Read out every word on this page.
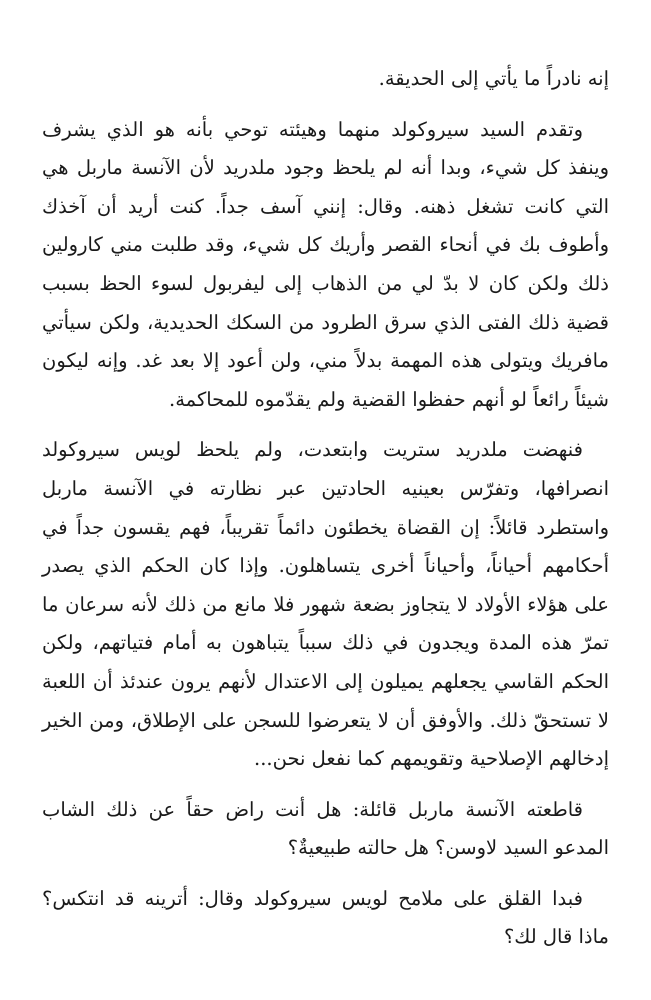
إنه نادراً ما يأتي إلى الحديقة.

وتقدم السيد سيروكولد منهما وهيئته توحي بأنه هو الذي يشرف وينفذ كل شيء، وبدا أنه لم يلحظ وجود ملدريد لأن الآنسة ماربل هي التي كانت تشغل ذهنه. وقال: إنني آسف جداً. كنت أريد أن آخذك وأطوف بك في أنحاء القصر وأريك كل شيء، وقد طلبت مني كارولين ذلك ولكن كان لا بدّ لي من الذهاب إلى ليفربول لسوء الحظ بسبب قضية ذلك الفتى الذي سرق الطرود من السكك الحديدية، ولكن سيأتي مافريك ويتولى هذه المهمة بدلاً مني، ولن أعود إلا بعد غد. وإنه ليكون شيئاً رائعاً لو أنهم حفظوا القضية ولم يقدّموه للمحاكمة.

فنهضت ملدريد ستريت وابتعدت، ولم يلحظ لويس سيروكولد انصرافها، وتفرّس بعينيه الحادتين عبر نظارته في الآنسة ماربل واستطرد قائلاً: إن القضاة يخطئون دائماً تقريباً، فهم يقسون جداً في أحكامهم أحياناً، وأحياناً أخرى يتساهلون. وإذا كان الحكم الذي يصدر على هؤلاء الأولاد لا يتجاوز بضعة شهور فلا مانع من ذلك لأنه سرعان ما تمرّ هذه المدة ويجدون في ذلك سبباً يتباهون به أمام فتياتهم، ولكن الحكم القاسي يجعلهم يميلون إلى الاعتدال لأنهم يرون عندئذ أن اللعبة لا تستحقّ ذلك. والأوفق أن لا يتعرضوا للسجن على الإطلاق، ومن الخير إدخالهم الإصلاحية وتقويمهم كما نفعل نحن...

قاطعته الآنسة ماربل قائلة: هل أنت راض حقاً عن ذلك الشاب المدعو السيد لاوسن؟ هل حالته طبيعيةٌ؟

فبدا القلق على ملامح لويس سيروكولد وقال: أترينه قد انتكس؟ ماذا قال لك؟
